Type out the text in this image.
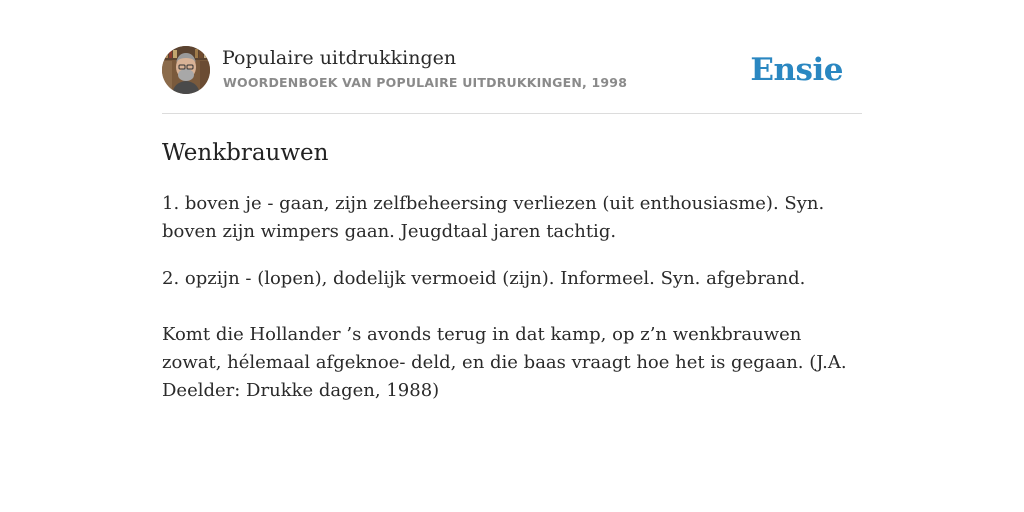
Populaire uitdrukkingen
WOORDENBOEK VAN POPULAIRE UITDRUKKINGEN, 1998	Ensie
Wenkbrauwen

1. boven je - gaan, zijn zelfbeheersing verliezen (uit enthousiasme). Syn. boven zijn wimpers gaan. Jeugdtaal jaren tachtig.

2. opzijn - (lopen), dodelijk vermoeid (zijn). Informeel. Syn. afgebrand.

Komt die Hollander ’s avonds terug in dat kamp, op z’n wenkbrauwen zowat, hélemaal afgeknoe- deld, en die baas vraagt hoe het is gegaan. (J.A. Deelder: Drukke dagen, 1988)
